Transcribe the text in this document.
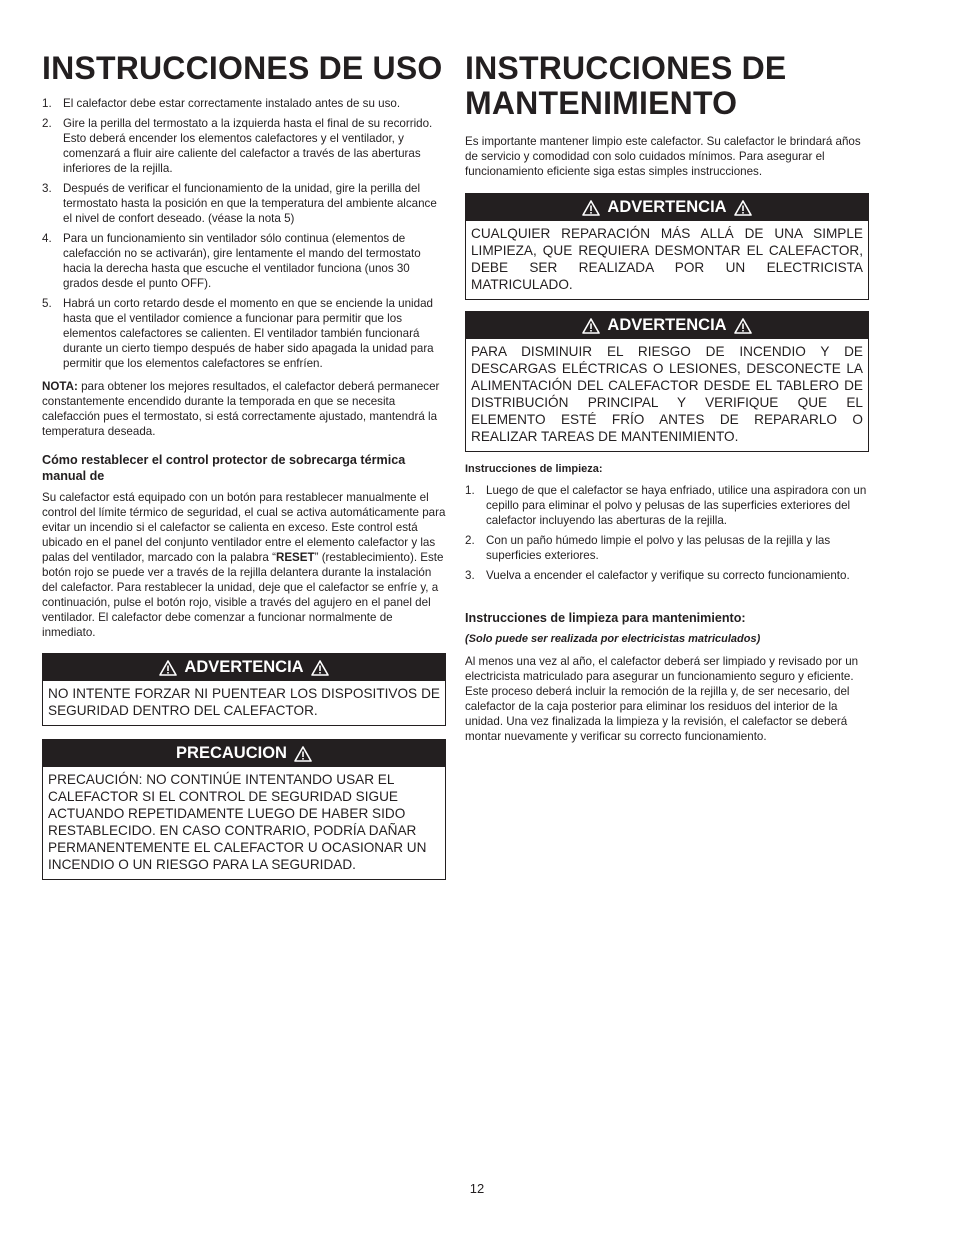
INSTRUCCIONES DE USO
1. El calefactor debe estar correctamente instalado antes de su uso.
2. Gire la perilla del termostato a la izquierda hasta el final de su recorrido. Esto deberá encender los elementos calefactores y el ventilador, y comenzará a fluir aire caliente del calefactor a través de las aberturas inferiores de la rejilla.
3. Después de verificar el funcionamiento de la unidad, gire la perilla del termostato hasta la posición en que la temperatura del ambiente alcance el nivel de confort deseado. (véase la nota 5)
4. Para un funcionamiento sin ventilador sólo continua (elementos de calefacción no se activarán), gire lentamente el mando del termostato hacia la derecha hasta que escuche el ventilador funciona (unos 30 grados desde el punto OFF).
5. Habrá un corto retardo desde el momento en que se enciende la unidad hasta que el ventilador comience a funcionar para permitir que los elementos calefactores se calienten. El ventilador también funcionará durante un cierto tiempo después de haber sido apagada la unidad para permitir que los elementos calefactores se enfríen.

NOTA: para obtener los mejores resultados, el calefactor deberá permanecer constantemente encendido durante la temporada en que se necesita calefacción pues el termostato, si está correctamente ajustado, mantendrá la temperatura deseada.

Cómo restablecer el control protector de sobrecarga térmica manual de

Su calefactor está equipado con un botón para restablecer manualmente el control del límite térmico de seguridad, el cual se activa automáticamente para evitar un incendio si el calefactor se calienta en exceso. Este control está ubicado en el panel del conjunto ventilador entre el elemento calefactor y las palas del ventilador, marcado con la palabra “RESET” (restablecimiento). Este botón rojo se puede ver a través de la rejilla delantera durante la instalación del calefactor. Para restablecer la unidad, deje que el calefactor se enfríe y, a continuación, pulse el botón rojo, visible a través del agujero en el panel del ventilador. El calefactor debe comenzar a funcionar normalmente de inmediato.

ADVERTENCIA
NO INTENTE FORZAR NI PUENTEAR LOS DISPOSITIVOS DE SEGURIDAD DENTRO DEL CALEFACTOR.
PRECAUCION
PRECAUCIÓN: NO CONTINÚE INTENTANDO USAR EL CALEFACTOR SI EL CONTROL DE SEGURIDAD SIGUE ACTUANDO REPETIDAMENTE LUEGO DE HABER SIDO RESTABLECIDO. EN CASO CONTRARIO, PODRÍA DAÑAR PERMANENTEMENTE EL CALEFACTOR U OCASIONAR UN INCENDIO O UN RIESGO PARA LA SEGURIDAD.
INSTRUCCIONES DE MANTENIMIENTO

Es importante mantener limpio este calefactor. Su calefactor le brindará años de servicio y comodidad con solo cuidados mínimos. Para asegurar el funcionamiento eficiente siga estas simples instrucciones.

ADVERTENCIA
CUALQUIER REPARACIÓN MÁS ALLÁ DE UNA SIMPLE LIMPIEZA, QUE REQUIERA DESMONTAR EL CALEFACTOR, DEBE SER REALIZADA POR UN ELECTRICISTA MATRICULADO.
ADVERTENCIA
PARA DISMINUIR EL RIESGO DE INCENDIO Y DE DESCARGAS ELÉCTRICAS O LESIONES, DESCONECTE LA ALIMENTACIÓN DEL CALEFACTOR DESDE EL TABLERO DE DISTRIBUCIÓN PRINCIPAL Y VERIFIQUE QUE EL ELEMENTO ESTÉ FRÍO ANTES DE REPARARLO O REALIZAR TAREAS DE MANTENIMIENTO.

Instrucciones de limpieza:

1. Luego de que el calefactor se haya enfriado, utilice una aspiradora con un cepillo para eliminar el polvo y pelusas de las superficies exteriores del calefactor incluyendo las aberturas de la rejilla.
2. Con un paño húmedo limpie el polvo y las pelusas de la rejilla y las superficies exteriores.
3. Vuelva a encender el calefactor y verifique su correcto funcionamiento.

Instrucciones de limpieza para mantenimiento:

(Solo puede ser realizada por electricistas matriculados)

Al menos una vez al año, el calefactor deberá ser limpiado y revisado por un electricista matriculado para asegurar un funcionamiento seguro y eficiente. Este proceso deberá incluir la remoción de la rejilla y, de ser necesario, del calefactor de la caja posterior para eliminar los residuos del interior de la unidad. Una vez finalizada la limpieza y la revisión, el calefactor se deberá montar nuevamente y verificar su correcto funcionamiento.

12
